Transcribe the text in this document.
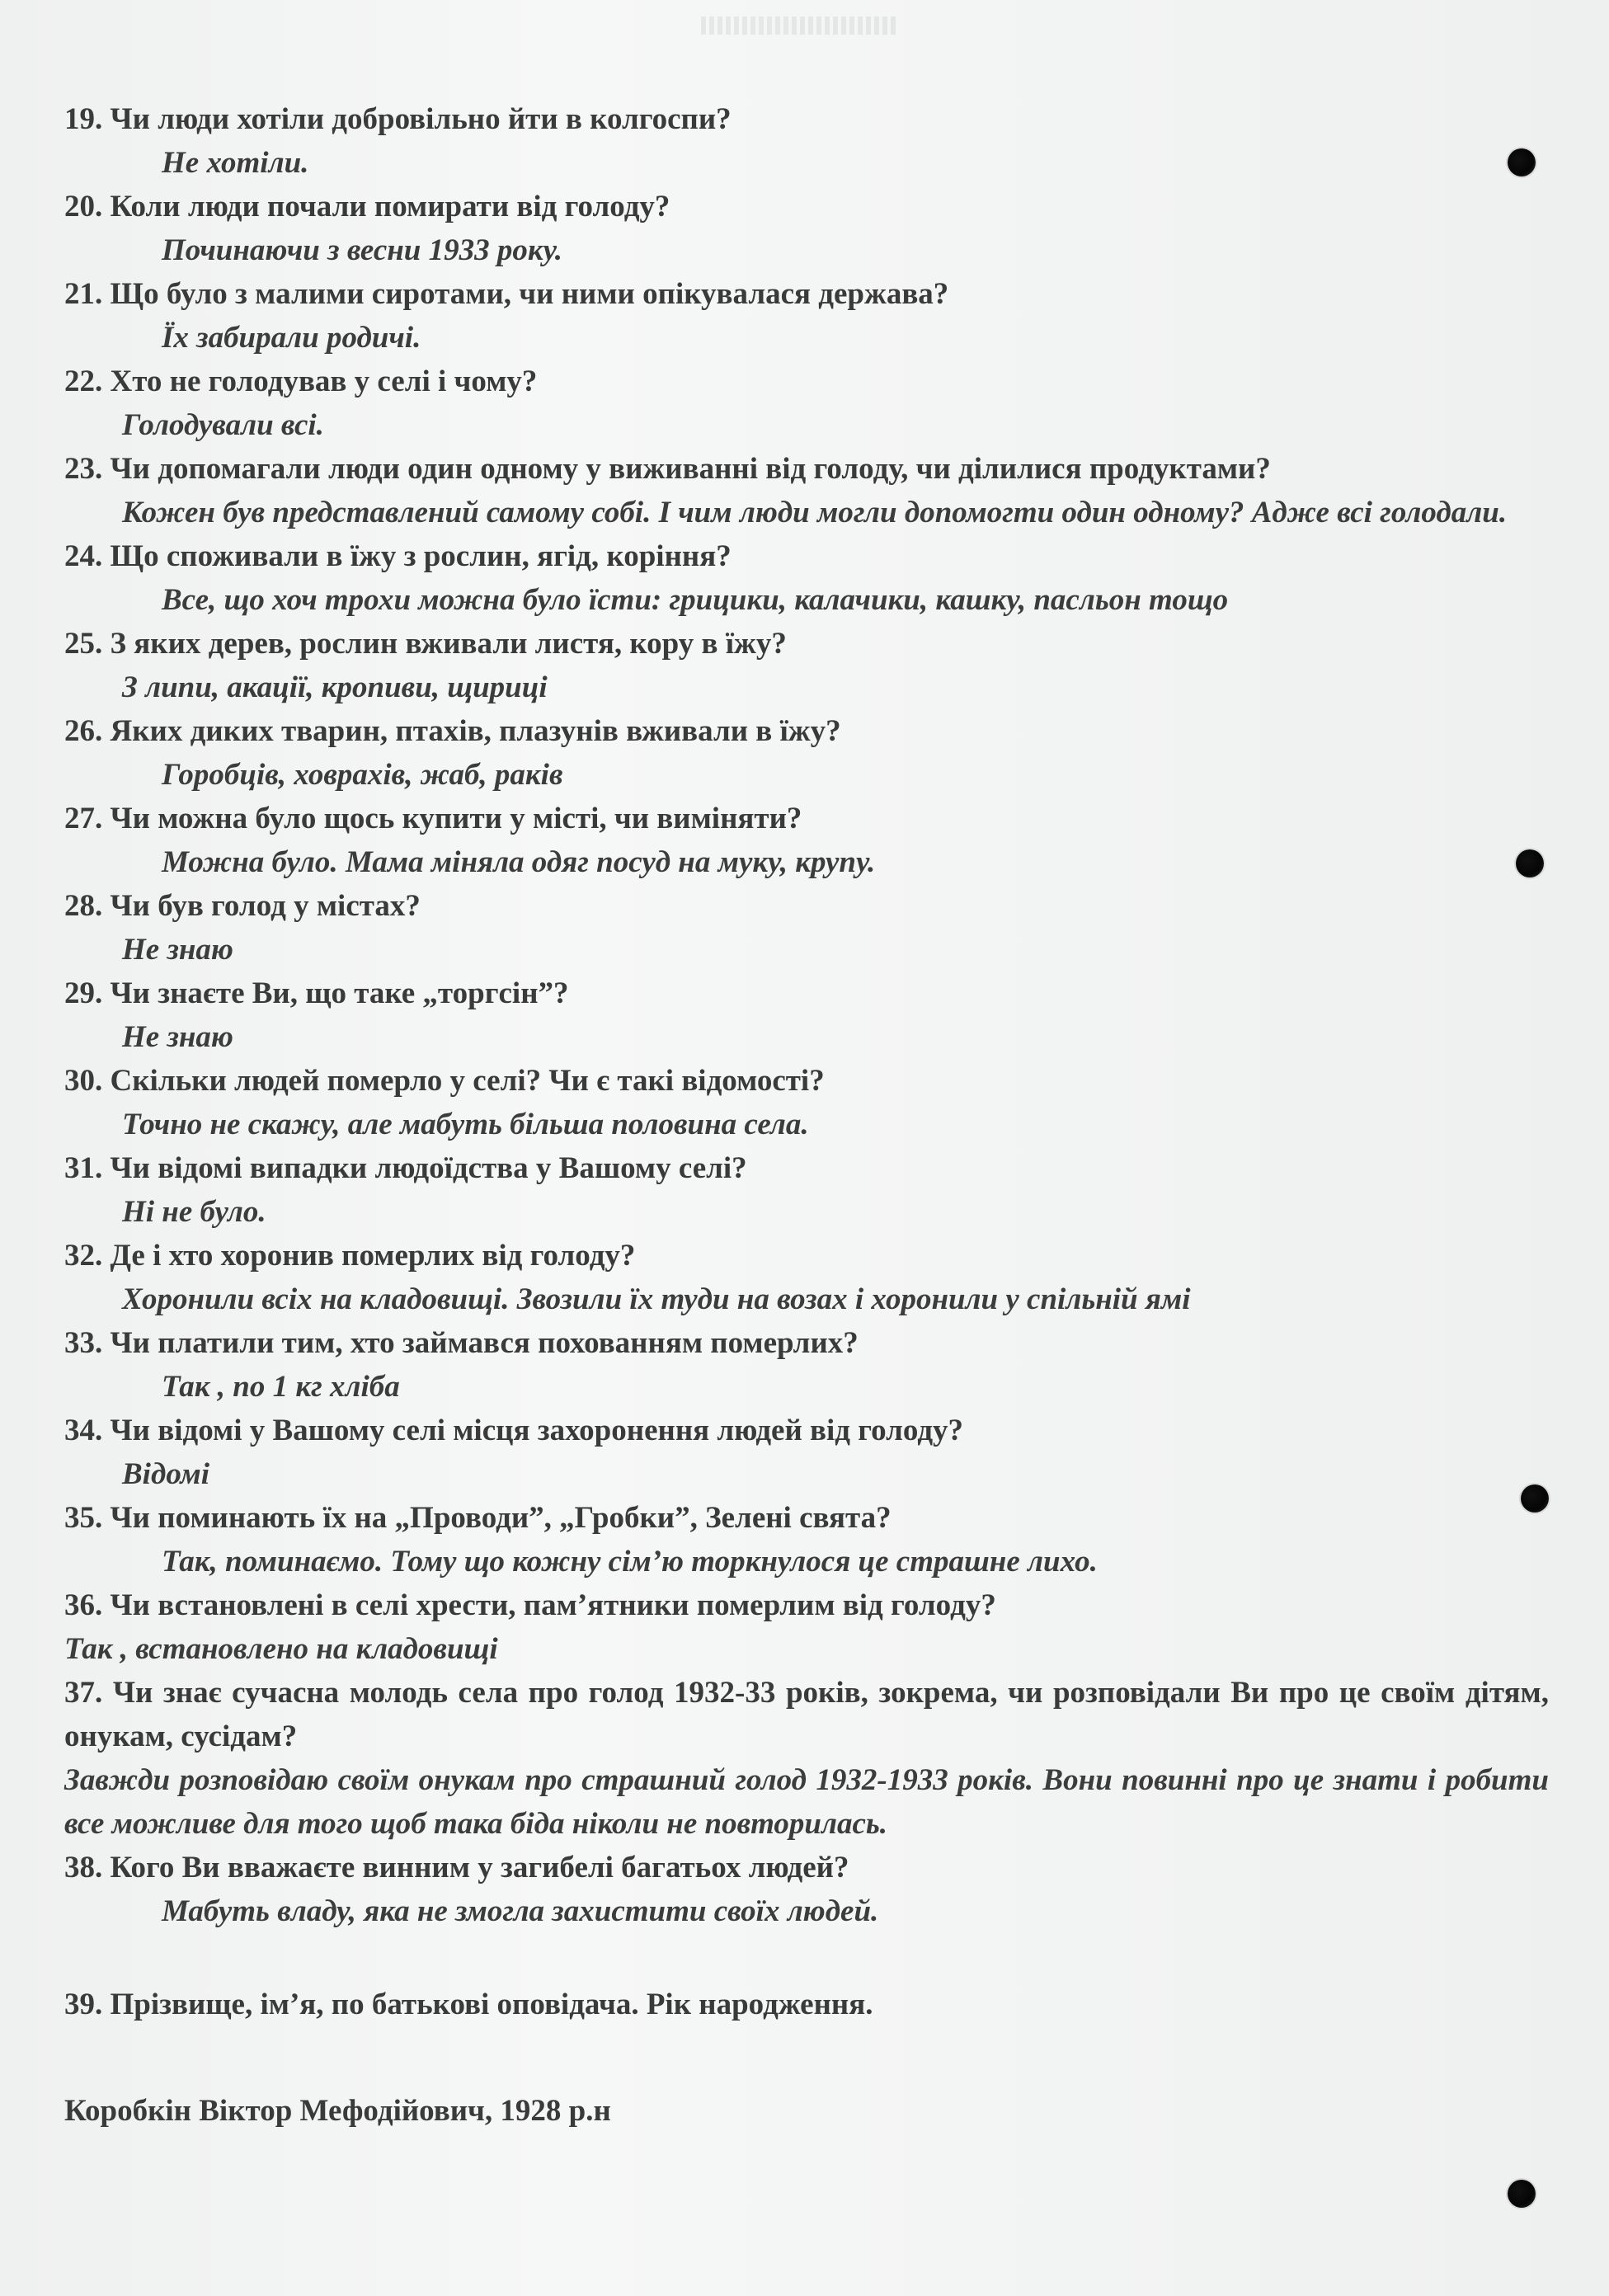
19. Чи люди хотіли добровільно йти в колгоспи?

Не хотіли.

20. Коли люди почали помирати від голоду?

Починаючи з весни 1933 року.

21. Що було з малими сиротами, чи ними опікувалася держава?

Їх забирали родичі.

22. Хто не голодував у селі і чому?

Голодували всі.

23. Чи допомагали люди один одному у виживанні від голоду, чи ділилися продуктами?

Кожен був представлений самому собі. І чим люди могли допомогти один одному? Адже всі голодали.

24. Що споживали в їжу з рослин, ягід, коріння?

Все, що хоч трохи можна було їсти: грицики, калачики, кашку, пасльон тощо

25. З яких дерев, рослин вживали листя, кору в їжу?

З липи, акації, кропиви, щириці

26. Яких диких тварин, птахів, плазунів вживали в їжу?

Горобців, ховрахів, жаб, раків

27. Чи можна було щось купити у місті, чи виміняти?

Можна було. Мама міняла одяг посуд на муку, крупу.

28. Чи був голод у містах?

Не знаю

29. Чи знаєте Ви, що таке „торгсін”?

Не знаю

30. Скільки людей померло у селі? Чи є такі відомості?

Точно не скажу, але мабуть більша половина села.

31. Чи відомі випадки людоїдства у Вашому селі?

Ні не було.

32. Де і хто хоронив померлих від голоду?

Хоронили всіх на кладовищі. Звозили їх туди на возах і хоронили у спільній ямі

33. Чи платили тим, хто займався похованням померлих?

Так , по 1 кг хліба

34. Чи відомі у Вашому селі місця захоронення людей від голоду?

Відомі

35. Чи поминають їх на „Проводи”, „Гробки”, Зелені свята?

Так, поминаємо. Тому що кожну сім’ю торкнулося це страшне лихо.

36. Чи встановлені в селі хрести, пам’ятники померлим від голоду?

Так , встановлено на кладовищі

37. Чи знає сучасна молодь села про голод 1932-33 років, зокрема, чи розповідали Ви про це своїм дітям, онукам, сусідам?

Завжди розповідаю своїм онукам про страшний голод 1932-1933 років. Вони повинні про це знати і робити все можливе для того щоб така біда ніколи не повторилась.

38. Кого Ви вважаєте винним у загибелі багатьох людей?

Мабуть владу, яка не змогла захистити своїх людей.

39. Прізвище, ім’я, по батькові оповідача. Рік народження.

Коробкін Віктор Мефодійович, 1928 р.н
